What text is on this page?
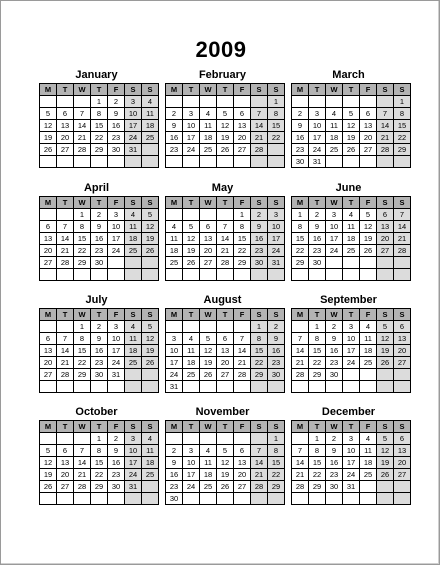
2009
January
M	T	W	T	F	S	S
			1	2	3	4
5	6	7	8	9	10	11
12	13	14	15	16	17	18
19	20	21	22	23	24	25
26	27	28	29	30	31	

February
M	T	W	T	F	S	S
						1
2	3	4	5	6	7	8
9	10	11	12	13	14	15
16	17	18	19	20	21	22
23	24	25	26	27	28	

March
M	T	W	T	F	S	S
						1
2	3	4	5	6	7	8
9	10	11	12	13	14	15
16	17	18	19	20	21	22
23	24	25	26	27	28	29
30	31					
April
M	T	W	T	F	S	S
		1	2	3	4	5
6	7	8	9	10	11	12
13	14	15	16	17	18	19
20	21	22	23	24	25	26
27	28	29	30			

May
M	T	W	T	F	S	S
				1	2	3
4	5	6	7	8	9	10
11	12	13	14	15	16	17
18	19	20	21	22	23	24
25	26	27	28	29	30	31

June
M	T	W	T	F	S	S
1	2	3	4	5	6	7
8	9	10	11	12	13	14
15	16	17	18	19	20	21
22	23	24	25	26	27	28
29	30					

July
M	T	W	T	F	S	S
		1	2	3	4	5
6	7	8	9	10	11	12
13	14	15	16	17	18	19
20	21	22	23	24	25	26
27	28	29	30	31		

August
M	T	W	T	F	S	S
					1	2
3	4	5	6	7	8	9
10	11	12	13	14	15	16
17	18	19	20	21	22	23
24	25	26	27	28	29	30
31						
September
M	T	W	T	F	S	S
	1	2	3	4	5	6
7	8	9	10	11	12	13
14	15	16	17	18	19	20
21	22	23	24	25	26	27
28	29	30				

October
M	T	W	T	F	S	S
			1	2	3	4
5	6	7	8	9	10	11
12	13	14	15	16	17	18
19	20	21	22	23	24	25
26	27	28	29	30	31	

November
M	T	W	T	F	S	S
						1
2	3	4	5	6	7	8
9	10	11	12	13	14	15
16	17	18	19	20	21	22
23	24	25	26	27	28	29
30						
December
M	T	W	T	F	S	S
	1	2	3	4	5	6
7	8	9	10	11	12	13
14	15	16	17	18	19	20
21	22	23	24	25	26	27
28	29	30	31			
